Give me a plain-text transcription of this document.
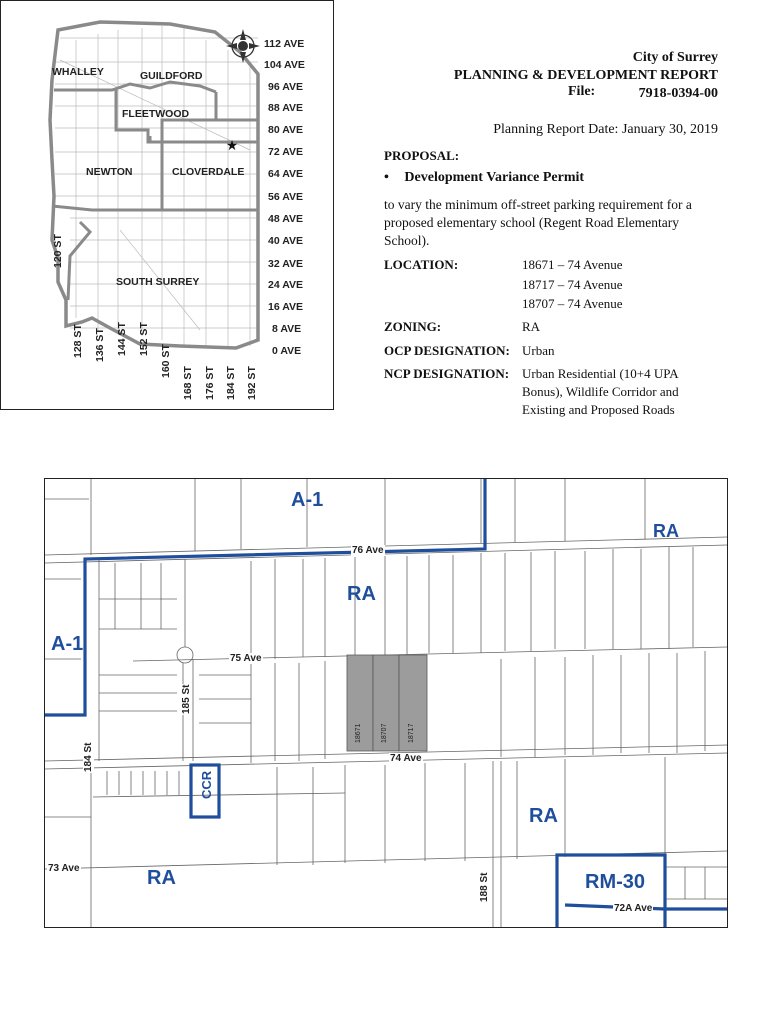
★
112 AVE
104 AVE
96 AVE
88 AVE
80 AVE
72 AVE
64 AVE
56 AVE
48 AVE
40 AVE
32 AVE
24 AVE
16 AVE
8 AVE
0 AVE
120 ST
128 ST 136 ST 144 ST 152 ST
160 ST
168 ST 176 ST 184 ST 192 ST
WHALLEY	GUILDFORD
FLEETWOOD
NEWTON	CLOVERDALE
SOUTH SURREY
City of Surrey
PLANNING & DEVELOPMENT REPORT
File:	7918-0394-00
Planning Report Date: January 30, 2019
PROPOSAL:
• Development Variance Permit
to vary the minimum off-street parking requirement for a proposed elementary school (Regent Road Elementary School).
LOCATION:	18671 – 74 Avenue
18717 – 74 Avenue
18707 – 74 Avenue
ZONING:	RA
OCP DESIGNATION: Urban
NCP DESIGNATION: Urban Residential (10+4 UPA Bonus), Wildlife Corridor and Existing and Proposed Roads
18671	18707	18717
A-1
RA
RA
A-1
RA
RA	RM-30
CCR
76 Ave
75 Ave
74 Ave
73 Ave
72A Ave
185 St
184 St
188 St
